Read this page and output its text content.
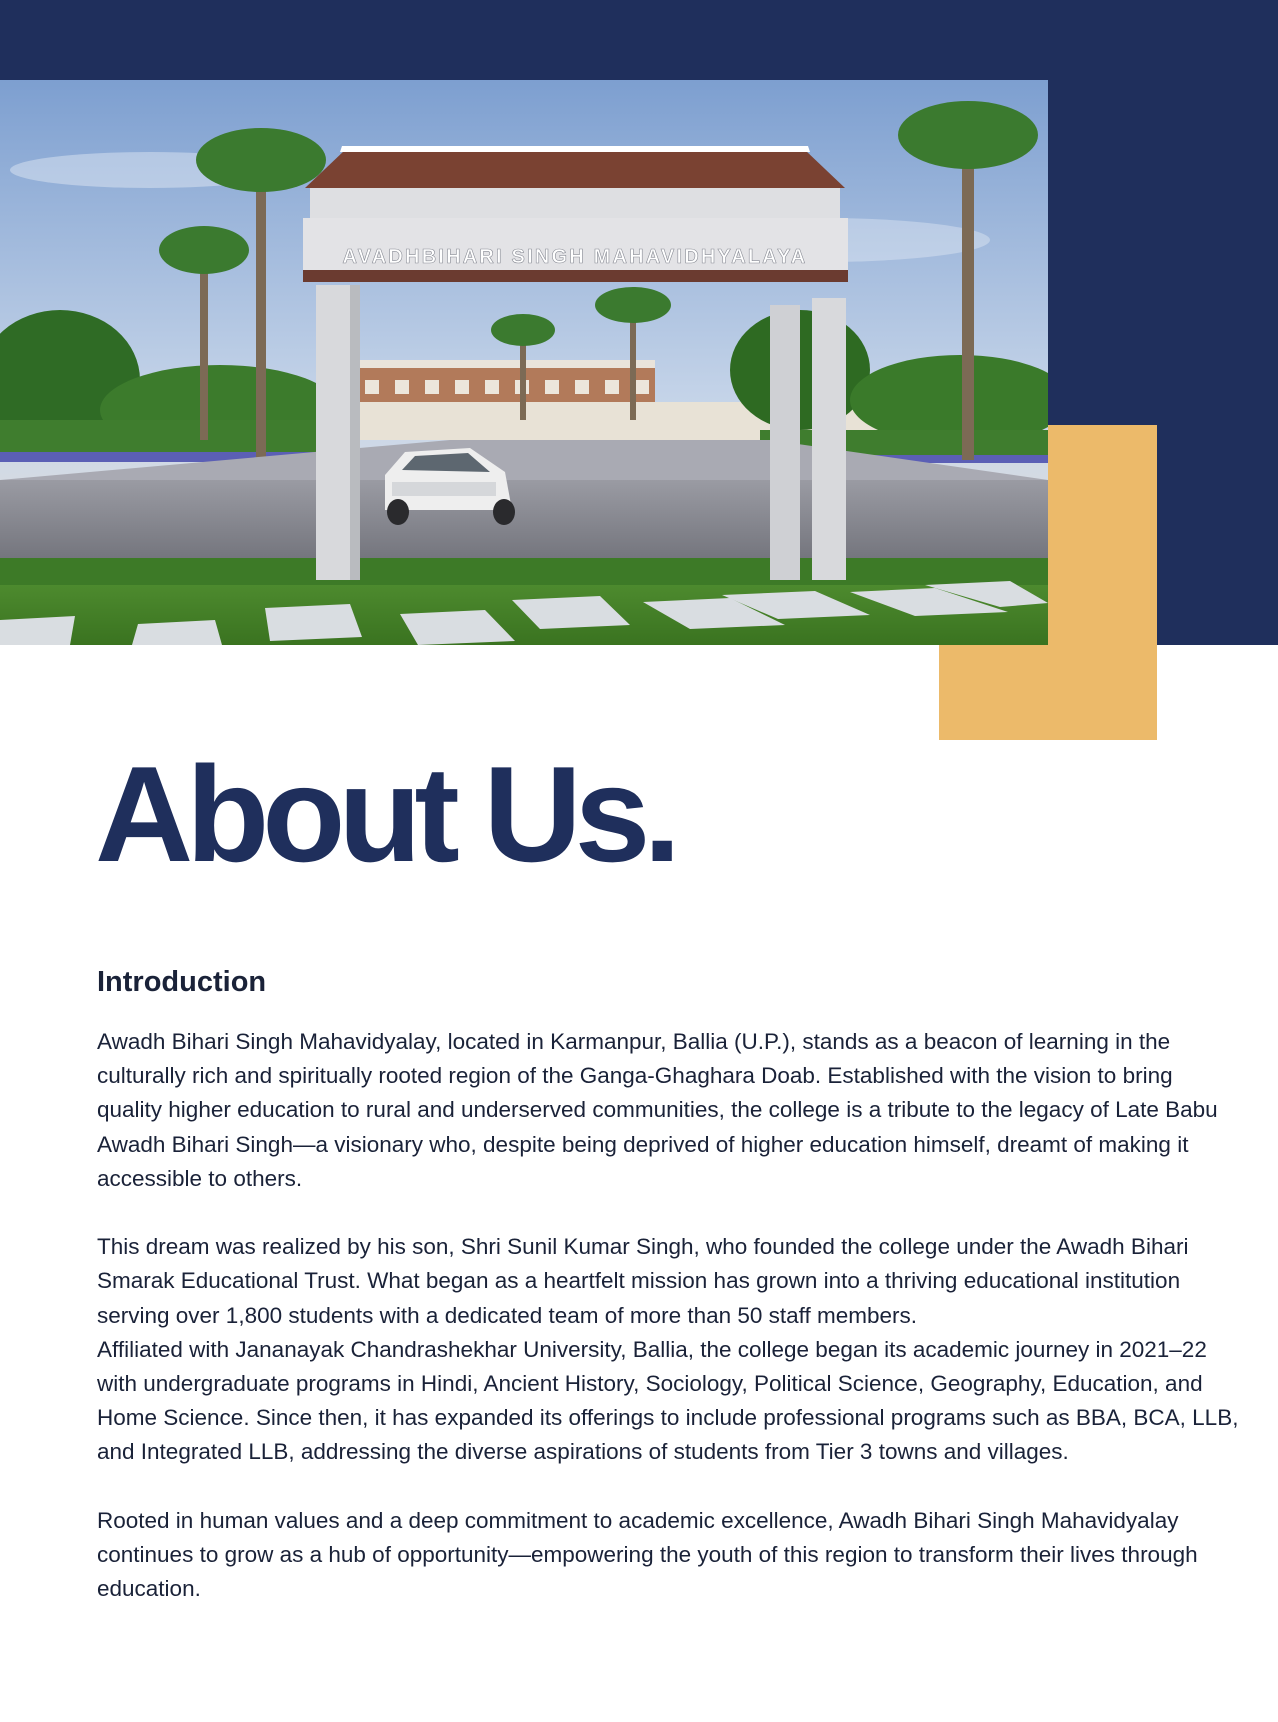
AVADHBIHARI SINGH MAHAVIDHYALAYA
About Us.
Introduction

Awadh Bihari Singh Mahavidyalay, located in Karmanpur, Ballia (U.P.), stands as a beacon of learning in the culturally rich and spiritually rooted region of the Ganga-Ghaghara Doab. Established with the vision to bring quality higher education to rural and underserved communities, the college is a tribute to the legacy of Late Babu Awadh Bihari Singh—a visionary who, despite being deprived of higher education himself, dreamt of making it accessible to others.

This dream was realized by his son, Shri Sunil Kumar Singh, who founded the college under the Awadh Bihari Smarak Educational Trust. What began as a heartfelt mission has grown into a thriving educational institution serving over 1,800 students with a dedicated team of more than 50 staff members.

Affiliated with Jananayak Chandrashekhar University, Ballia, the college began its academic journey in 2021–22 with undergraduate programs in Hindi, Ancient History, Sociology, Political Science, Geography, Education, and Home Science. Since then, it has expanded its offerings to include professional programs such as BBA, BCA, LLB, and Integrated LLB, addressing the diverse aspirations of students from Tier 3 towns and villages.

Rooted in human values and a deep commitment to academic excellence, Awadh Bihari Singh Mahavidyalay continues to grow as a hub of opportunity—empowering the youth of this region to transform their lives through education.
